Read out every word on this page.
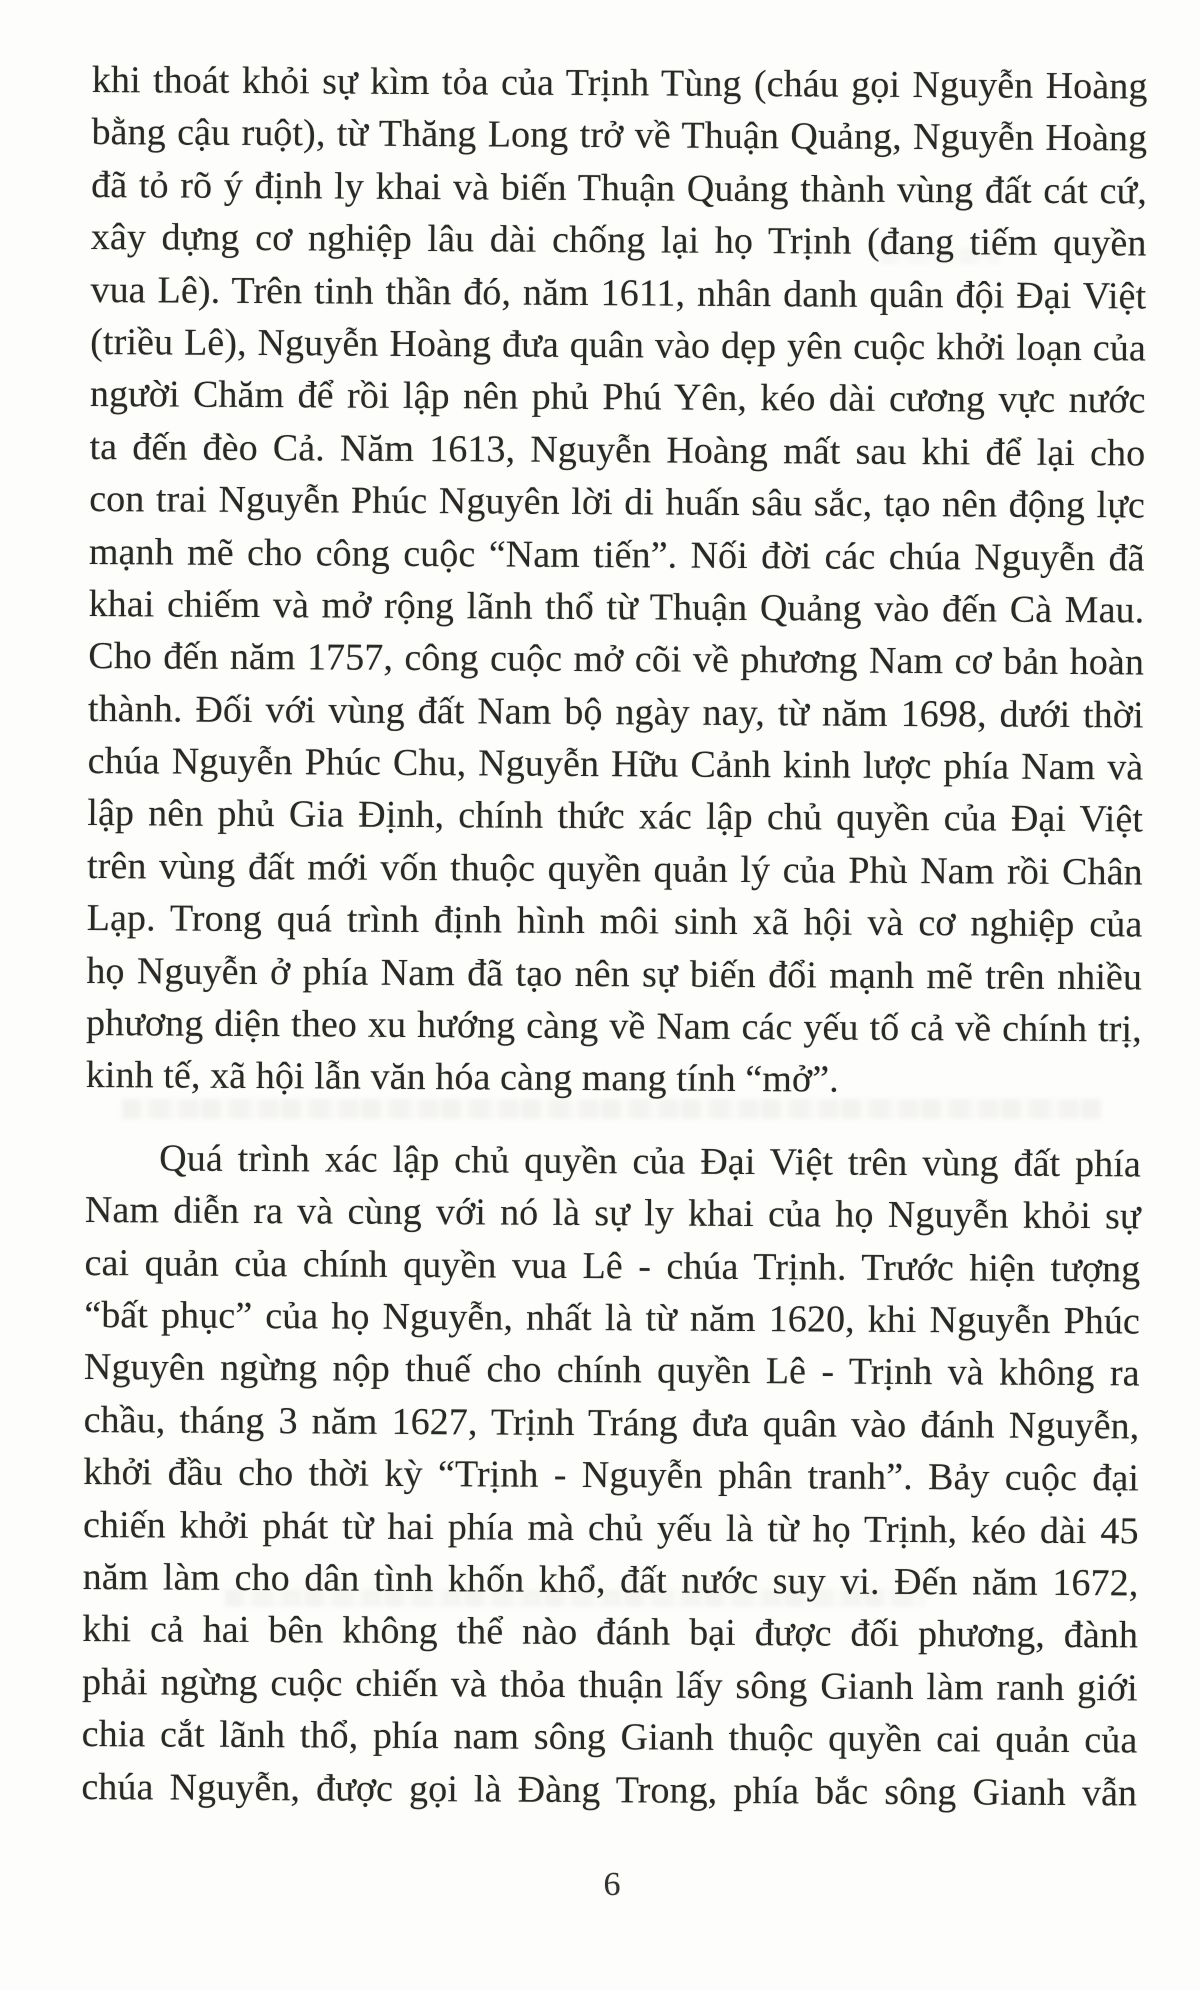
khi thoát khỏi sự kìm tỏa của Trịnh Tùng (cháu gọi Nguyễn Hoàng
bằng cậu ruột), từ Thăng Long trở về Thuận Quảng, Nguyễn Hoàng
đã tỏ rõ ý định ly khai và biến Thuận Quảng thành vùng đất cát cứ,
xây dựng cơ nghiệp lâu dài chống lại họ Trịnh (đang tiếm quyền
vua Lê). Trên tinh thần đó, năm 1611, nhân danh quân đội Đại Việt
(triều Lê), Nguyễn Hoàng đưa quân vào dẹp yên cuộc khởi loạn của
người Chăm để rồi lập nên phủ Phú Yên, kéo dài cương vực nước
ta đến đèo Cả. Năm 1613, Nguyễn Hoàng mất sau khi để lại cho
con trai Nguyễn Phúc Nguyên lời di huấn sâu sắc, tạo nên động lực
mạnh mẽ cho công cuộc “Nam tiến”. Nối đời các chúa Nguyễn đã
khai chiếm và mở rộng lãnh thổ từ Thuận Quảng vào đến Cà Mau.
Cho đến năm 1757, công cuộc mở cõi về phương Nam cơ bản hoàn
thành. Đối với vùng đất Nam bộ ngày nay, từ năm 1698, dưới thời
chúa Nguyễn Phúc Chu, Nguyễn Hữu Cảnh kinh lược phía Nam và
lập nên phủ Gia Định, chính thức xác lập chủ quyền của Đại Việt
trên vùng đất mới vốn thuộc quyền quản lý của Phù Nam rồi Chân
Lạp. Trong quá trình định hình môi sinh xã hội và cơ nghiệp của
họ Nguyễn ở phía Nam đã tạo nên sự biến đổi mạnh mẽ trên nhiều
phương diện theo xu hướng càng về Nam các yếu tố cả về chính trị,
kinh tế, xã hội lẫn văn hóa càng mang tính “mở”.
Quá trình xác lập chủ quyền của Đại Việt trên vùng đất phía
Nam diễn ra và cùng với nó là sự ly khai của họ Nguyễn khỏi sự
cai quản của chính quyền vua Lê - chúa Trịnh. Trước hiện tượng
“bất phục” của họ Nguyễn, nhất là từ năm 1620, khi Nguyễn Phúc
Nguyên ngừng nộp thuế cho chính quyền Lê - Trịnh và không ra
chầu, tháng 3 năm 1627, Trịnh Tráng đưa quân vào đánh Nguyễn,
khởi đầu cho thời kỳ “Trịnh - Nguyễn phân tranh”. Bảy cuộc đại
chiến khởi phát từ hai phía mà chủ yếu là từ họ Trịnh, kéo dài 45
năm làm cho dân tình khốn khổ, đất nước suy vi. Đến năm 1672,
khi cả hai bên không thể nào đánh bại được đối phương, đành
phải ngừng cuộc chiến và thỏa thuận lấy sông Gianh làm ranh giới
chia cắt lãnh thổ, phía nam sông Gianh thuộc quyền cai quản của
chúa Nguyễn, được gọi là Đàng Trong, phía bắc sông Gianh vẫn
6
